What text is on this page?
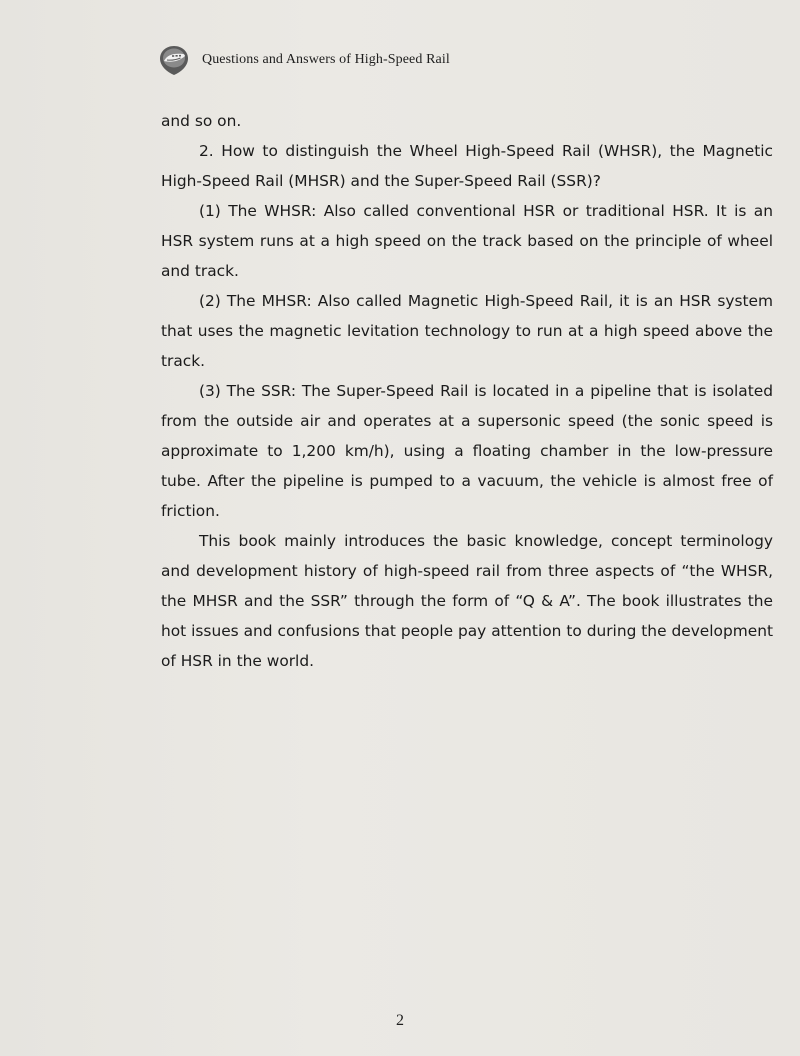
Questions and Answers of High-Speed Rail

and so on.

2. How to distinguish the Wheel High-Speed Rail (WHSR), the Magnetic High-Speed Rail (MHSR) and the Super-Speed Rail (SSR)?

(1) The WHSR: Also called conventional HSR or traditional HSR. It is an HSR system runs at a high speed on the track based on the principle of wheel and track.

(2) The MHSR: Also called Magnetic High-Speed Rail, it is an HSR system that uses the magnetic levitation technology to run at a high speed above the track.

(3) The SSR: The Super-Speed Rail is located in a pipeline that is isolated from the outside air and operates at a supersonic speed (the sonic speed is approximate to 1,200 km/h), using a floating chamber in the low-pressure tube. After the pipeline is pumped to a vacuum, the vehicle is almost free of friction.

This book mainly introduces the basic knowledge, concept terminology and development history of high-speed rail from three aspects of “the WHSR, the MHSR and the SSR” through the form of “Q & A”. The book illustrates the hot issues and confusions that people pay attention to during the development of HSR in the world.

2
